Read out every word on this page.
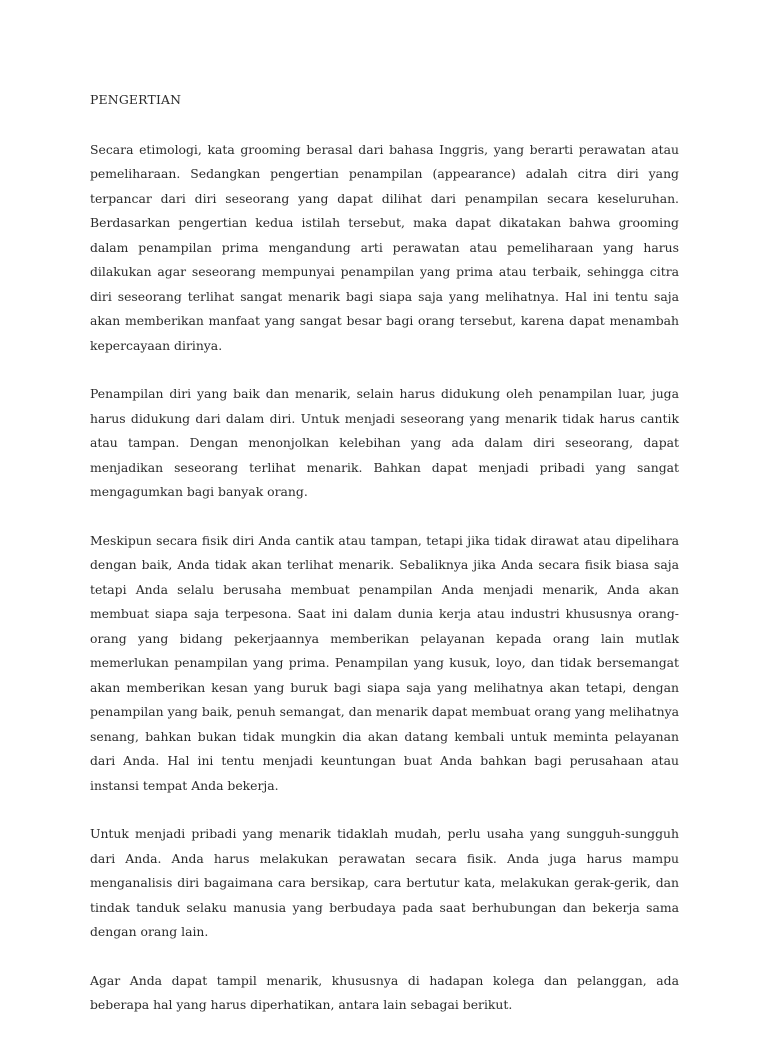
PENGERTIAN

Secara etimologi, kata grooming berasal dari bahasa Inggris, yang berarti perawatan atau pemeliharaan. Sedangkan pengertian penampilan (appearance) adalah citra diri yang terpancar dari diri seseorang yang dapat dilihat dari penampilan secara keseluruhan. Berdasarkan pengertian kedua istilah tersebut, maka dapat dikatakan bahwa grooming dalam penampilan prima mengandung arti perawatan atau pemeliharaan yang harus dilakukan agar seseorang mempunyai penampilan yang prima atau terbaik, sehingga citra diri seseorang terlihat sangat menarik bagi siapa saja yang melihatnya. Hal ini tentu saja akan memberikan manfaat yang sangat besar bagi orang tersebut, karena dapat menambah kepercayaan dirinya.

Penampilan diri yang baik dan menarik, selain harus didukung oleh penampilan luar, juga harus didukung dari dalam diri. Untuk menjadi seseorang yang menarik tidak harus cantik atau tampan. Dengan menonjolkan kelebihan yang ada dalam diri seseorang, dapat menjadikan seseorang terlihat menarik. Bahkan dapat menjadi pribadi yang sangat mengagumkan bagi banyak orang.

Meskipun secara fisik diri Anda cantik atau tampan, tetapi jika tidak dirawat atau dipelihara dengan baik, Anda tidak akan terlihat menarik. Sebaliknya jika Anda secara fisik biasa saja tetapi Anda selalu berusaha membuat penampilan Anda menjadi menarik, Anda akan membuat siapa saja terpesona. Saat ini dalam dunia kerja atau industri khususnya orang-orang yang bidang pekerjaannya memberikan pelayanan kepada orang lain mutlak memerlukan penampilan yang prima. Penampilan yang kusuk, loyo, dan tidak bersemangat akan memberikan kesan yang buruk bagi siapa saja yang melihatnya akan tetapi, dengan penampilan yang baik, penuh semangat, dan menarik dapat membuat orang yang melihatnya senang, bahkan bukan tidak mungkin dia akan datang kembali untuk meminta pelayanan dari Anda. Hal ini tentu menjadi keuntungan buat Anda bahkan bagi perusahaan atau instansi tempat Anda bekerja.

Untuk menjadi pribadi yang menarik tidaklah mudah, perlu usaha yang sungguh-sungguh dari Anda. Anda harus melakukan perawatan secara fisik. Anda juga harus mampu menganalisis diri bagaimana cara bersikap, cara bertutur kata, melakukan gerak-gerik, dan tindak tanduk selaku manusia yang berbudaya pada saat berhubungan dan bekerja sama dengan orang lain.

Agar Anda dapat tampil menarik, khususnya di hadapan kolega dan pelanggan, ada beberapa hal yang harus diperhatikan, antara lain sebagai berikut.
